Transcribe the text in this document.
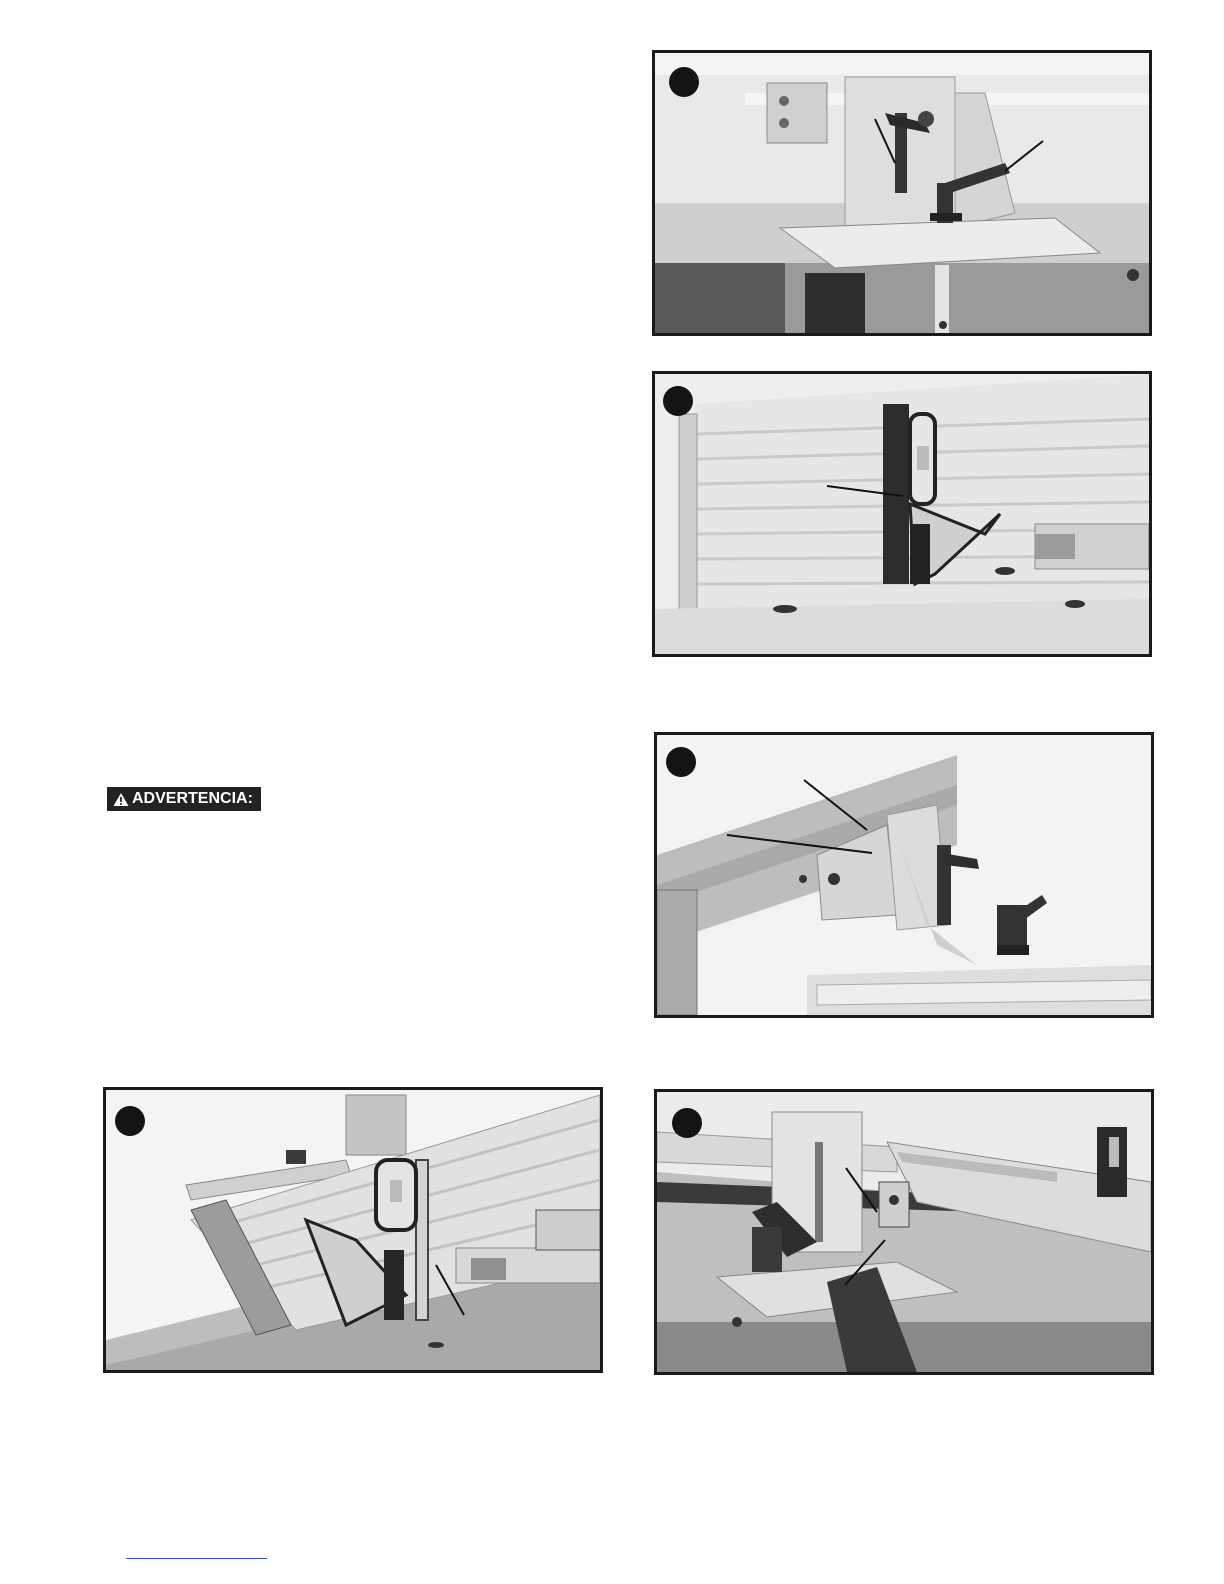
ADVERTENCIA:
